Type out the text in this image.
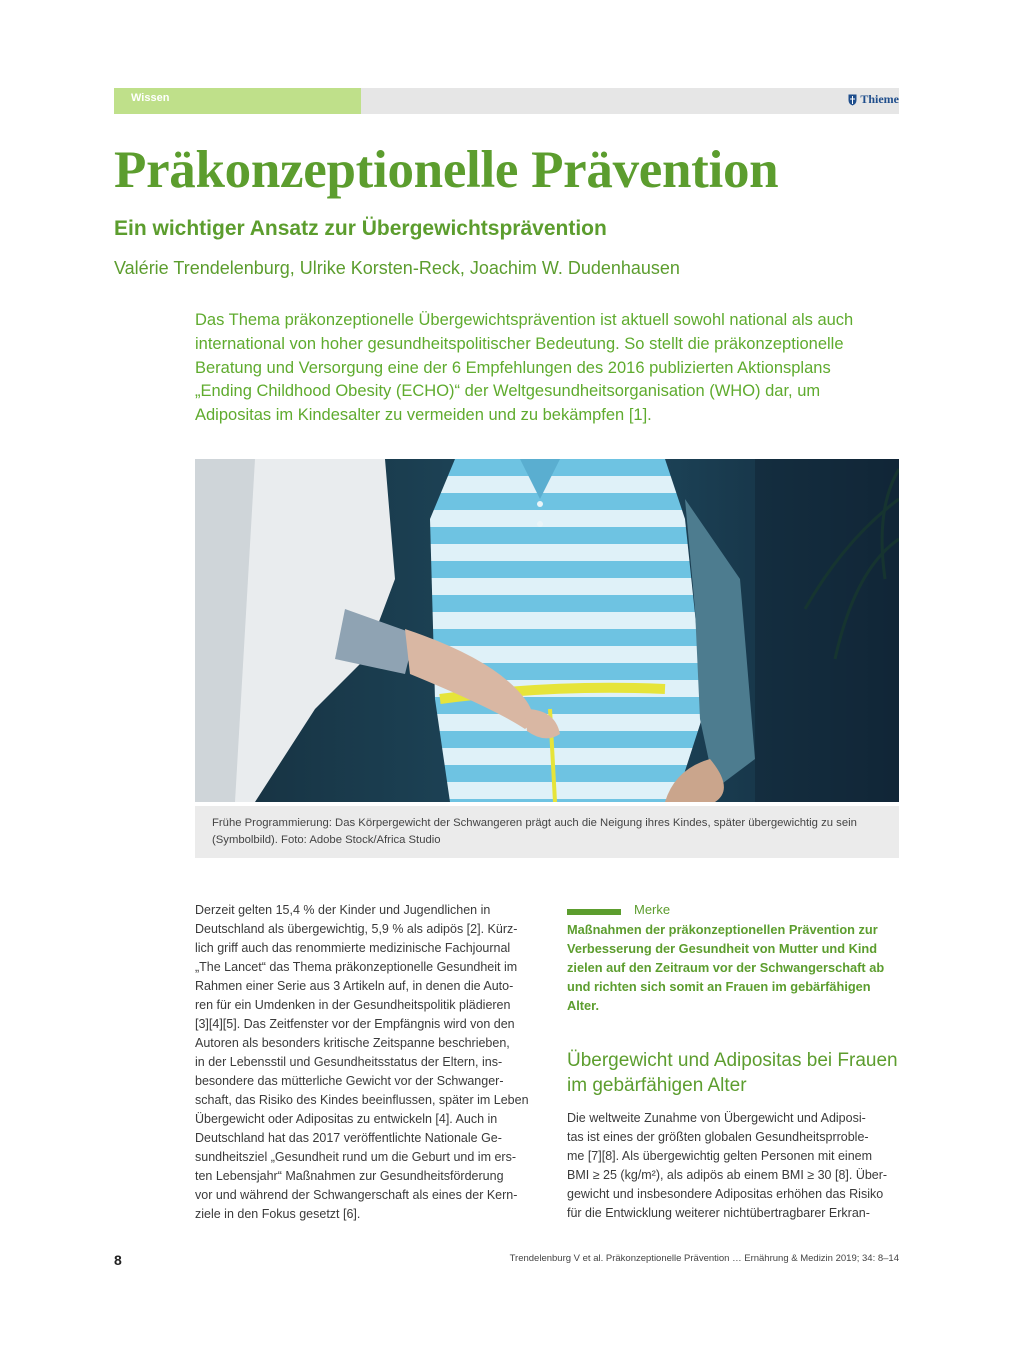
Wissen	Thieme
Präkonzeptionelle Prävention
Ein wichtiger Ansatz zur Übergewichtsprävention
Valérie Trendelenburg, Ulrike Korsten-Reck, Joachim W. Dudenhausen
Das Thema präkonzeptionelle Übergewichtsprävention ist aktuell sowohl national als auch
international von hoher gesundheitspolitischer Bedeutung. So stellt die präkonzeptionelle
Beratung und Versorgung eine der 6 Empfehlungen des 2016 publizierten Aktionsplans
„Ending Childhood Obesity (ECHO)“ der Weltgesundheitsorganisation (WHO) dar, um
Adipositas im Kindesalter zu vermeiden und zu bekämpfen [1].
Frühe Programmierung: Das Körpergewicht der Schwangeren prägt auch die Neigung ihres Kindes, später übergewichtig zu sein
(Symbolbild). Foto: Adobe Stock/Africa Studio
Derzeit gelten 15,4 % der Kinder und Jugendlichen in
Deutschland als übergewichtig, 5,9 % als adipös [2]. Kürz-
lich griff auch das renommierte medizinische Fachjournal
„The Lancet“ das Thema präkonzeptionelle Gesundheit im
Rahmen einer Serie aus 3 Artikeln auf, in denen die Auto-
ren für ein Umdenken in der Gesundheitspolitik plädieren
[3][4][5]. Das Zeitfenster vor der Empfängnis wird von den
Autoren als besonders kritische Zeitspanne beschrieben,
in der Lebensstil und Gesundheitsstatus der Eltern, ins-
besondere das mütterliche Gewicht vor der Schwanger-
schaft, das Risiko des Kindes beeinflussen, später im Leben
Übergewicht oder Adipositas zu entwickeln [4]. Auch in
Deutschland hat das 2017 veröffentlichte Nationale Ge-
sundheitsziel „Gesundheit rund um die Geburt und im ers-
ten Lebensjahr“ Maßnahmen zur Gesundheitsförderung
vor und während der Schwangerschaft als eines der Kern-
ziele in den Fokus gesetzt [6].
Merke
Maßnahmen der präkonzeptionellen Prävention zur
Verbesserung der Gesundheit von Mutter und Kind
zielen auf den Zeitraum vor der Schwangerschaft ab
und richten sich somit an Frauen im gebärfähigen
Alter.
Übergewicht und Adipositas bei Frauen
im gebärfähigen Alter
Die weltweite Zunahme von Übergewicht und Adiposi-
tas ist eines der größten globalen Gesundheitsprroble-
me [7][8]. Als übergewichtig gelten Personen mit einem
BMI ≥ 25 (kg/m²), als adipös ab einem BMI ≥ 30 [8]. Über-
gewicht und insbesondere Adipositas erhöhen das Risiko
für die Entwicklung weiterer nichtübertragbarer Erkran-
8	Trendelenburg V et al. Präkonzeptionelle Prävention … Ernährung & Medizin 2019; 34: 8–14
